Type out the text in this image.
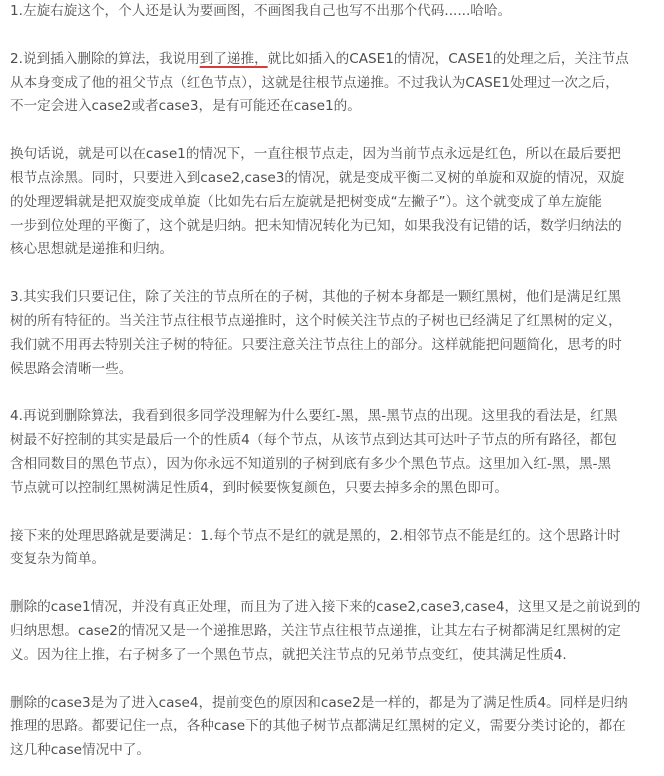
1.左旋右旋这个，个人还是认为要画图，不画图我自己也写不出那个代码......哈哈。

2.说到插入删除的算法，我说用到了递推，就比如插入的CASE1的情况，CASE1的处理之后，关注节点
从本身变成了他的祖父节点（红色节点），这就是往根节点递推。不过我认为CASE1处理过一次之后，
不一定会进入case2或者case3，是有可能还在case1的。

换句话说，就是可以在case1的情况下，一直往根节点走，因为当前节点永远是红色，所以在最后要把
根节点涂黑。同时，只要进入到case2,case3的情况，就是变成平衡二叉树的单旋和双旋的情况，双旋
的处理逻辑就是把双旋变成单旋（比如先右后左旋就是把树变成“左撇子”）。这个就变成了单左旋能
一步到位处理的平衡了，这个就是归纳。把未知情况转化为已知，如果我没有记错的话，数学归纳法的
核心思想就是递推和归纳。

3.其实我们只要记住，除了关注的节点所在的子树，其他的子树本身都是一颗红黑树，他们是满足红黑
树的所有特征的。当关注节点往根节点递推时，这个时候关注节点的子树也已经满足了红黑树的定义，
我们就不用再去特别关注子树的特征。只要注意关注节点往上的部分。这样就能把问题简化，思考的时
候思路会清晰一些。

4.再说到删除算法，我看到很多同学没理解为什么要红-黑，黑-黑节点的出现。这里我的看法是，红黑
树最不好控制的其实是最后一个的性质4（每个节点，从该节点到达其可达叶子节点的所有路径，都包
含相同数目的黑色节点），因为你永远不知道别的子树到底有多少个黑色节点。这里加入红-黑，黑-黑
节点就可以控制红黑树满足性质4，到时候要恢复颜色，只要去掉多余的黑色即可。

接下来的处理思路就是要满足：1.每个节点不是红的就是黑的，2.相邻节点不能是红的。这个思路计时
变复杂为简单。

删除的case1情况，并没有真正处理，而且为了进入接下来的case2,case3,case4，这里又是之前说到的
归纳思想。case2的情况又是一个递推思路，关注节点往根节点递推，让其左右子树都满足红黑树的定
义。因为往上推，右子树多了一个黑色节点，就把关注节点的兄弟节点变红，使其满足性质4.

删除的case3是为了进入case4，提前变色的原因和case2是一样的，都是为了满足性质4。同样是归纳
推理的思路。都要记住一点，各种case下的其他子树节点都满足红黑树的定义，需要分类讨论的，都在
这几种case情况中了。
